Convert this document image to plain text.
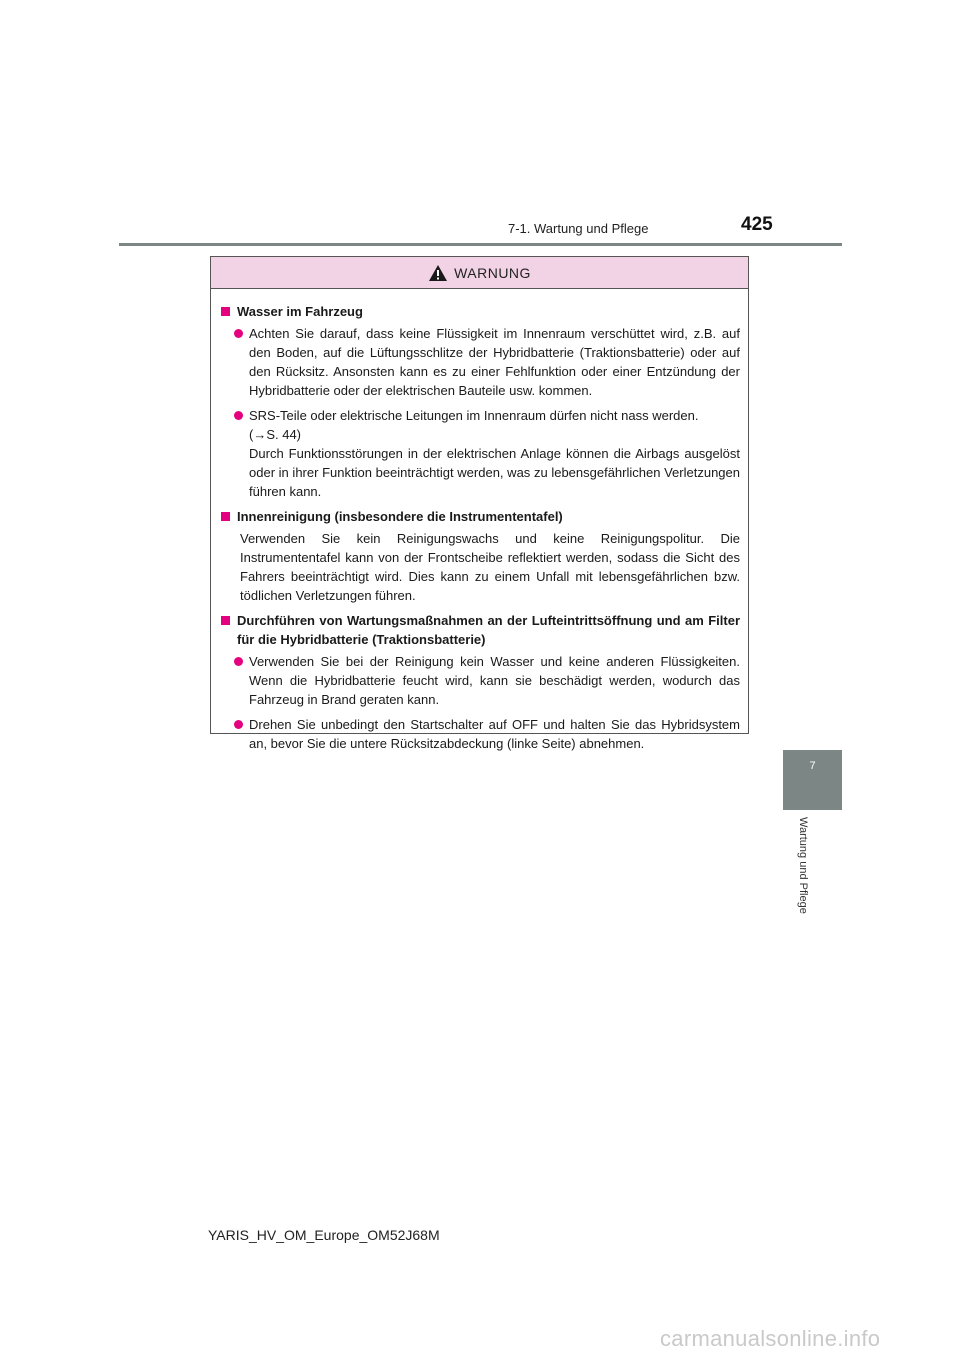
7-1. Wartung und Pflege	425
WARNUNG
Wasser im Fahrzeug
Achten Sie darauf, dass keine Flüssigkeit im Innenraum verschüttet wird, z.B. auf den Boden, auf die Lüftungsschlitze der Hybridbatterie (Traktionsbatterie) oder auf den Rücksitz. Ansonsten kann es zu einer Fehlfunktion oder einer Entzündung der Hybridbatterie oder der elektrischen Bauteile usw. kommen.
SRS-Teile oder elektrische Leitungen im Innenraum dürfen nicht nass werden.
(→S. 44)
Durch Funktionsstörungen in der elektrischen Anlage können die Airbags ausgelöst oder in ihrer Funktion beeinträchtigt werden, was zu lebensgefährlichen Verletzungen führen kann.
Innenreinigung (insbesondere die Instrumententafel)
Verwenden Sie kein Reinigungswachs und keine Reinigungspolitur. Die Instrumententafel kann von der Frontscheibe reflektiert werden, sodass die Sicht des Fahrers beeinträchtigt wird. Dies kann zu einem Unfall mit lebensgefährlichen bzw. tödlichen Verletzungen führen.
Durchführen von Wartungsmaßnahmen an der Lufteintrittsöffnung und am Filter für die Hybridbatterie (Traktionsbatterie)
Verwenden Sie bei der Reinigung kein Wasser und keine anderen Flüssigkeiten. Wenn die Hybridbatterie feucht wird, kann sie beschädigt werden, wodurch das Fahrzeug in Brand geraten kann.
Drehen Sie unbedingt den Startschalter auf OFF und halten Sie das Hybridsystem an, bevor Sie die untere Rücksitzabdeckung (linke Seite) abnehmen.
7
Wartung und Pflege
YARIS_HV_OM_Europe_OM52J68M
carmanualsonline.info
